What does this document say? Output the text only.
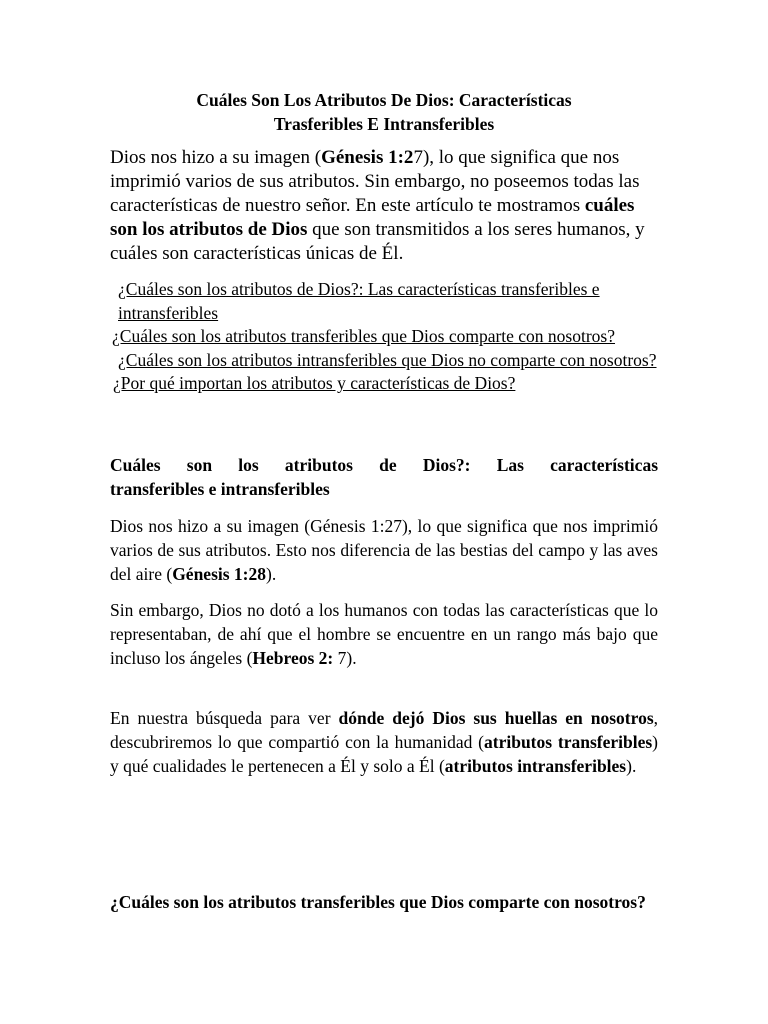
Cuáles Son Los Atributos De Dios: Características
Trasferibles E Intransferibles

Dios nos hizo a su imagen (Génesis 1:27), lo que significa que nos imprimió varios de sus atributos. Sin embargo, no poseemos todas las características de nuestro señor. En este artículo te mostramos cuáles son los atributos de Dios que son transmitidos a los seres humanos, y cuáles son características únicas de Él.

¿Cuáles son los atributos de Dios?: Las características transferibles e intransferibles
¿Cuáles son los atributos transferibles que Dios comparte con nosotros?
¿Cuáles son los atributos intransferibles que Dios no comparte con nosotros?
¿Por qué importan los atributos y características de Dios?

Cuáles son los atributos de Dios?: Las características
transferibles e intransferibles

Dios nos hizo a su imagen (Génesis 1:27), lo que significa que nos imprimió varios de sus atributos. Esto nos diferencia de las bestias del campo y las aves del aire (Génesis 1:28).

Sin embargo, Dios no dotó a los humanos con todas las características que lo representaban, de ahí que el hombre se encuentre en un rango más bajo que incluso los ángeles (Hebreos 2: 7).

En nuestra búsqueda para ver dónde dejó Dios sus huellas en nosotros, descubriremos lo que compartió con la humanidad (atributos transferibles) y qué cualidades le pertenecen a Él y solo a Él (atributos intransferibles).

¿Cuáles son los atributos transferibles que Dios comparte con nosotros?
